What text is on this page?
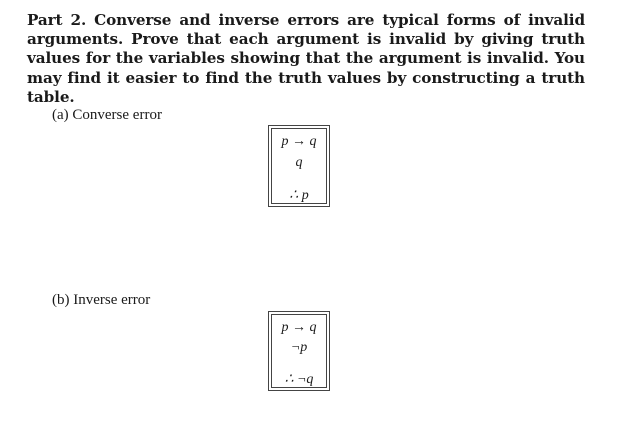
Part 2. Converse and inverse errors are typical forms of invalid arguments. Prove that each argument is invalid by giving truth values for the variables showing that the argument is invalid. You may find it easier to find the truth values by constructing a truth table.
(a) Converse error
p → q
q
∴ p
(b) Inverse error
p → q
¬p
∴ ¬q
